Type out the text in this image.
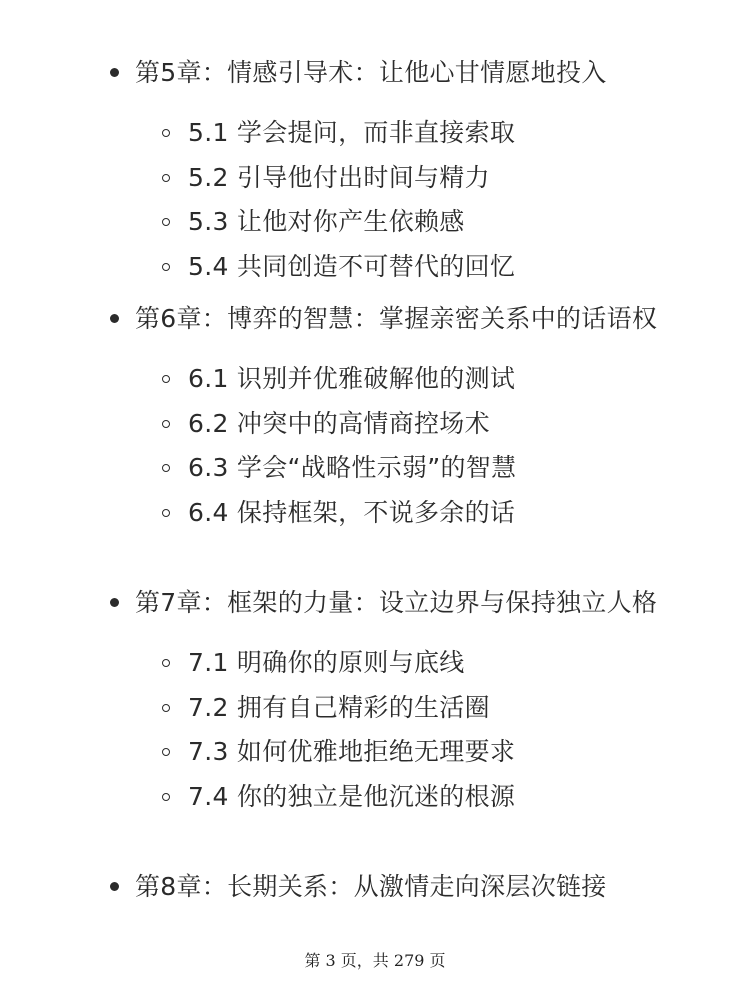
第5章：情感引导术：让他心甘情愿地投入
5.1 学会提问，而非直接索取
5.2 引导他付出时间与精力
5.3 让他对你产生依赖感
5.4 共同创造不可替代的回忆
第6章：博弈的智慧：掌握亲密关系中的话语权
6.1 识别并优雅破解他的测试
6.2 冲突中的高情商控场术
6.3 学会“战略性示弱”的智慧
6.4 保持框架，不说多余的话
第7章：框架的力量：设立边界与保持独立人格
7.1 明确你的原则与底线
7.2 拥有自己精彩的生活圈
7.3 如何优雅地拒绝无理要求
7.4 你的独立是他沉迷的根源
第8章：长期关系：从激情走向深层次链接
第 3 页，共 279 页
